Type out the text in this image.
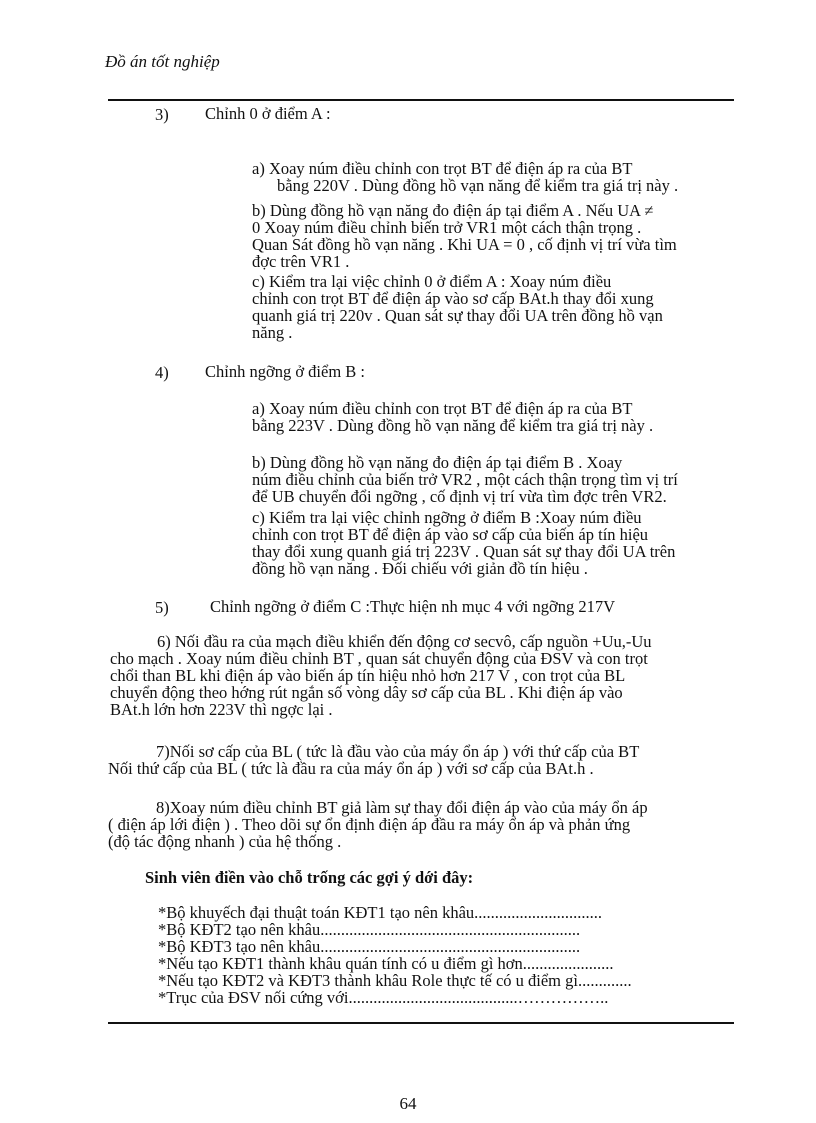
Đồ án tốt nghiệp
3) Chỉnh 0 ở điểm A :
a) Xoay núm điều chỉnh con trọt BT để điện áp ra của BT
bằng 220V . Dùng đồng hồ vạn năng để kiểm tra giá trị này .
b) Dùng đồng hồ vạn năng đo điện áp tại điểm A . Nếu UA ≠
0 Xoay núm điều chỉnh biến trở VR1 một cách thận trọng .
Quan Sát đồng hồ vạn năng . Khi UA = 0 , cố định vị trí vừa tìm
đợc trên VR1 .
c) Kiểm tra lại việc chỉnh 0 ở điểm A : Xoay núm điều
chỉnh con trọt BT để điện áp vào sơ cấp BAt.h thay đổi xung
quanh giá trị 220v . Quan sát sự thay đổi UA trên đồng hồ vạn
năng .
4) Chỉnh ngỡng ở điểm B :
a) Xoay núm điều chỉnh con trọt BT để điện áp ra của BT
bằng 223V . Dùng đồng hồ vạn năng để kiểm tra giá trị này .
b) Dùng đồng hồ vạn năng đo điện áp tại điểm B . Xoay
núm điều chỉnh của biến trở VR2 , một cách thận trọng tìm vị trí
để UB chuyển đổi ngỡng , cố định vị trí vừa tìm đợc trên VR2.
c) Kiểm tra lại việc chỉnh ngỡng ở điểm B :Xoay núm điều
chỉnh con trọt BT để điện áp vào sơ cấp của biến áp tín hiệu
thay đổi xung quanh giá trị 223V . Quan sát sự thay đổi UA trên
đồng hồ vạn năng . Đối chiếu với giản đồ tín hiệu .
5)	Chỉnh ngỡng ở điểm C :Thực hiện nh mục 4 với ngỡng 217V
6) Nối đầu ra của mạch điều khiển đến động cơ secvô, cấp nguồn +Uu,-Uu
cho mạch . Xoay núm điều chỉnh BT , quan sát chuyển động của ĐSV và con trọt
chổi than BL khi điện áp vào biến áp tín hiệu nhỏ hơn 217 V , con trọt của BL
chuyển động theo hớng rút ngắn số vòng dây sơ cấp của BL . Khi điện áp vào
BAt.h lớn hơn 223V thì ngợc lại .
7)Nối sơ cấp của BL ( tức là đầu vào của máy ổn áp ) với thứ cấp của BT
Nối thứ cấp của BL ( tức là đầu ra của máy ổn áp ) với sơ cấp của BAt.h .
8)Xoay núm điều chỉnh BT giả làm sự thay đổi điện áp vào của máy ổn áp
( điện áp lới điện ) . Theo dõi sự ổn định điện áp đầu ra máy ổn áp và phản ứng
(độ tác động nhanh ) của hệ thống .
Sinh viên điền vào chỗ trống các gợi ý dới đây:
*Bộ khuyếch đại thuật toán KĐT1 tạo nên khâu...............................
*Bộ KĐT2 tạo nên khâu...............................................................
*Bộ KĐT3 tạo nên khâu...............................................................
*Nếu tạo KĐT1 thành khâu quán tính có u điểm gì hơn......................
*Nếu tạo KĐT2 và KĐT3 thành khâu Role thực tế có u điểm gì.............
*Trục của ĐSV nối cứng với.........................................……………..
64
